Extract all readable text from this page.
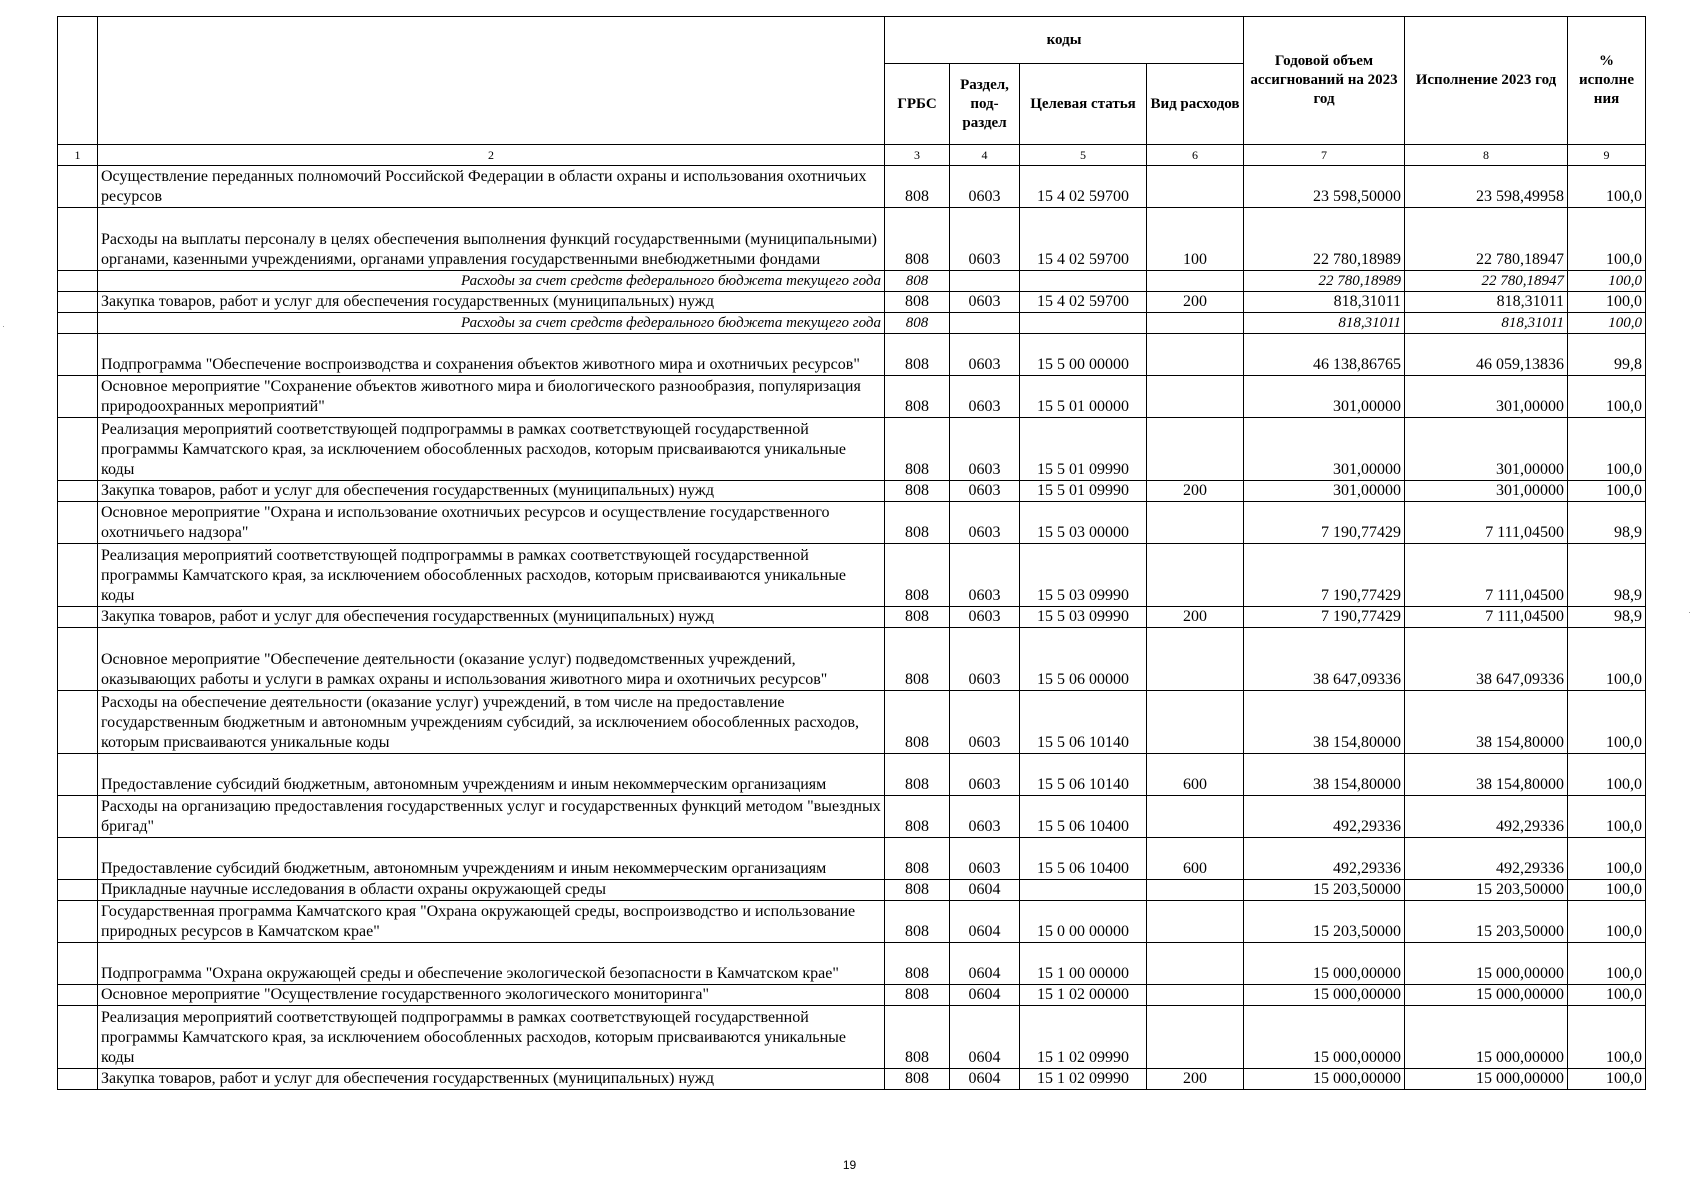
		коды				Годовой объем ассигнований на 2023 год	Исполнение 2023 год	% исполне ния
		ГРБС	Раздел, под- раздел	Целевая статья	Вид расходов			
1	2	3	4	5	6	7	8	9
	Осуществление переданных полномочий Российской Федерации в области охраны и использования охотничьих ресурсов	808	0603	15 4 02 59700		23 598,50000	23 598,49958	100,0
	Расходы на выплаты персоналу в целях обеспечения выполнения функций государственными (муниципальными) органами, казенными учреждениями, органами управления государственными внебюджетными фондами	808	0603	15 4 02 59700	100	22 780,18989	22 780,18947	100,0
	Расходы за счет средств федерального бюджета текущего года	808				22 780,18989	22 780,18947	100,0
	Закупка товаров, работ и услуг для обеспечения государственных (муниципальных) нужд	808	0603	15 4 02 59700	200	818,31011	818,31011	100,0
	Расходы за счет средств федерального бюджета текущего года	808				818,31011	818,31011	100,0
	Подпрограмма "Обеспечение воспроизводства и сохранения объектов животного мира и охотничьих ресурсов"	808	0603	15 5 00 00000		46 138,86765	46 059,13836	99,8
	Основное мероприятие "Сохранение объектов животного мира и биологического разнообразия, популяризация природоохранных мероприятий"	808	0603	15 5 01 00000		301,00000	301,00000	100,0
	Реализация мероприятий соответствующей подпрограммы в рамках соответствующей государственной программы Камчатского края, за исключением обособленных расходов, которым присваиваются уникальные коды	808	0603	15 5 01 09990		301,00000	301,00000	100,0
	Закупка товаров, работ и услуг для обеспечения государственных (муниципальных) нужд	808	0603	15 5 01 09990	200	301,00000	301,00000	100,0
	Основное мероприятие "Охрана и использование охотничьих ресурсов и осуществление государственного охотничьего надзора"	808	0603	15 5 03 00000		7 190,77429	7 111,04500	98,9
	Реализация мероприятий соответствующей подпрограммы в рамках соответствующей государственной программы Камчатского края, за исключением обособленных расходов, которым присваиваются уникальные коды	808	0603	15 5 03 09990		7 190,77429	7 111,04500	98,9
	Закупка товаров, работ и услуг для обеспечения государственных (муниципальных) нужд	808	0603	15 5 03 09990	200	7 190,77429	7 111,04500	98,9
	Основное мероприятие "Обеспечение деятельности (оказание услуг) подведомственных учреждений, оказывающих работы и услуги в рамках охраны и использования животного мира и охотничьих ресурсов"	808	0603	15 5 06 00000		38 647,09336	38 647,09336	100,0
	Расходы на обеспечение деятельности (оказание услуг) учреждений, в том числе на предоставление государственным бюджетным и автономным учреждениям субсидий, за исключением обособленных расходов, которым присваиваются уникальные коды	808	0603	15 5 06 10140		38 154,80000	38 154,80000	100,0
	Предоставление субсидий бюджетным, автономным учреждениям и иным некоммерческим организациям	808	0603	15 5 06 10140	600	38 154,80000	38 154,80000	100,0
	Расходы на организацию предоставления государственных услуг и государственных функций методом "выездных бригад"	808	0603	15 5 06 10400		492,29336	492,29336	100,0
	Предоставление субсидий бюджетным, автономным учреждениям и иным некоммерческим организациям	808	0603	15 5 06 10400	600	492,29336	492,29336	100,0
	Прикладные научные исследования в области охраны окружающей среды	808	0604			15 203,50000	15 203,50000	100,0
	Государственная программа Камчатского края "Охрана окружающей среды, воспроизводство и использование природных ресурсов в Камчатском крае"	808	0604	15 0 00 00000		15 203,50000	15 203,50000	100,0
	Подпрограмма "Охрана окружающей среды и обеспечение экологической безопасности в Камчатском крае"	808	0604	15 1 00 00000		15 000,00000	15 000,00000	100,0
	Основное мероприятие "Осуществление государственного экологического мониторинга"	808	0604	15 1 02 00000		15 000,00000	15 000,00000	100,0
	Реализация мероприятий соответствующей подпрограммы в рамках соответствующей государственной программы Камчатского края, за исключением обособленных расходов, которым присваиваются уникальные коды	808	0604	15 1 02 09990		15 000,00000	15 000,00000	100,0
	Закупка товаров, работ и услуг для обеспечения государственных (муниципальных) нужд	808	0604	15 1 02 09990	200	15 000,00000	15 000,00000	100,0
19
